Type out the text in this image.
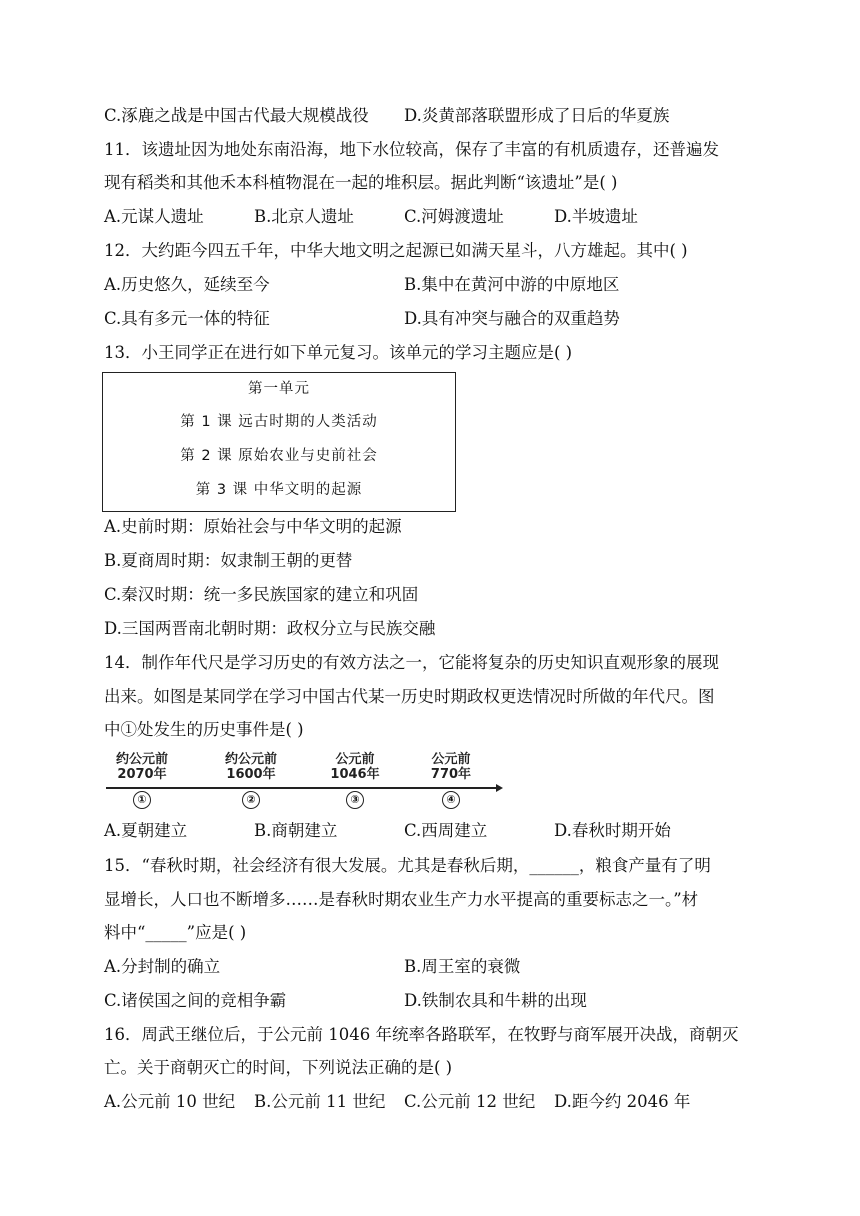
C.涿鹿之战是中国古代最大规模战役 D.炎黄部落联盟形成了日后的华夏族
11．该遗址因为地处东南沿海，地下水位较高，保存了丰富的有机质遗存，还普遍发
现有稻类和其他禾本科植物混在一起的堆积层。据此判断“该遗址”是( )
A.元谋人遗址	B.北京人遗址	C.河姆渡遗址	D.半坡遗址
12．大约距今四五千年，中华大地文明之起源已如满天星斗，八方雄起。其中( )
A.历史悠久，延续至今	B.集中在黄河中游的中原地区
C.具有多元一体的特征	D.具有冲突与融合的双重趋势
13．小王同学正在进行如下单元复习。该单元的学习主题应是( )
第一单元
第 1 课 远古时期的人类活动
第 2 课 原始农业与史前社会
第 3 课 中华文明的起源
A.史前时期：原始社会与中华文明的起源
B.夏商周时期：奴隶制王朝的更替
C.秦汉时期：统一多民族国家的建立和巩固
D.三国两晋南北朝时期：政权分立与民族交融
14．制作年代尺是学习历史的有效方法之一，它能将复杂的历史知识直观形象的展现
出来。如图是某同学在学习中国古代某一历史时期政权更迭情况时所做的年代尺。图
中①处发生的历史事件是( )
约公元前
2070年
①
约公元前
1600年
②
公元前
1046年
③
公元前
770年
④
A.夏朝建立	B.商朝建立	C.西周建立	D.春秋时期开始
15．“春秋时期，社会经济有很大发展。尤其是春秋后期，______，粮食产量有了明
显增长，人口也不断增多……是春秋时期农业生产力水平提高的重要标志之一。”材
料中“_____”应是( )
A.分封制的确立	B.周王室的衰微
C.诸侯国之间的竞相争霸	D.铁制农具和牛耕的出现
16．周武王继位后，于公元前 1046 年统率各路联军，在牧野与商军展开决战，商朝灭
亡。关于商朝灭亡的时间，下列说法正确的是( )
A.公元前 10 世纪 B.公元前 11 世纪 C.公元前 12 世纪 D.距今约 2046 年
